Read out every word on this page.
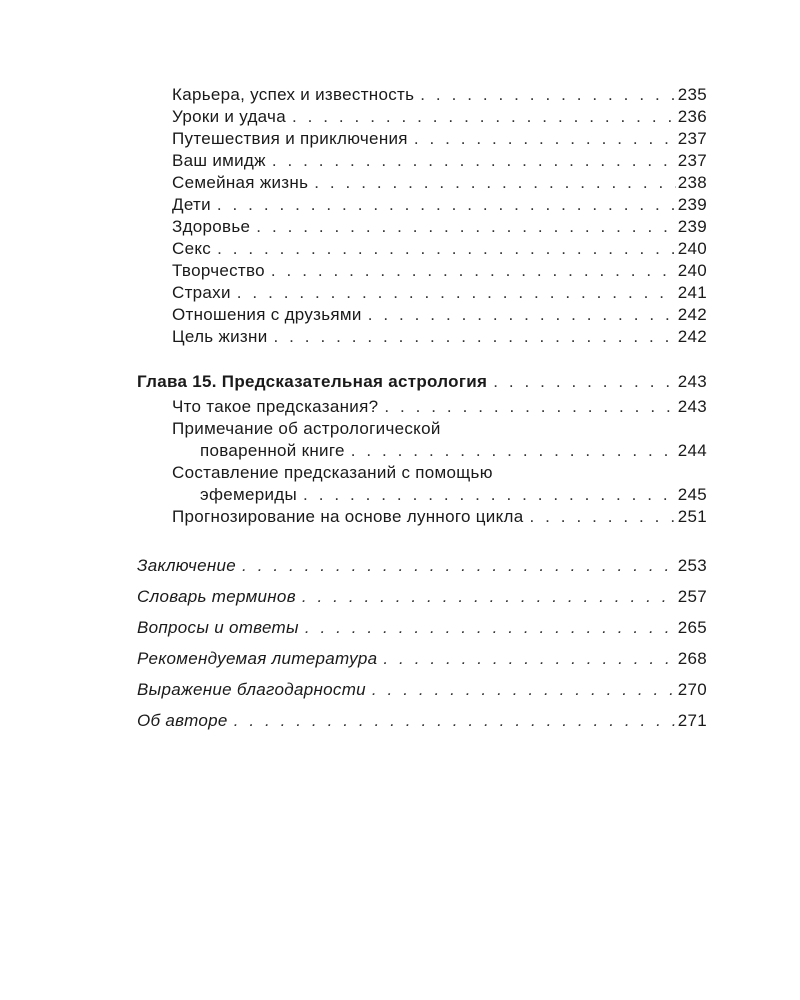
Карьера, успех и известность . . .	235
Уроки и удача . . .	236
Путешествия и приключения . . .	237
Ваш имидж . . .	237
Семейная жизнь . . .	238
Дети . . .	239
Здоровье . . .	239
Секс . . .	240
Творчество . . .	240
Страхи . . .	241
Отношения с друзьями . . .	242
Цель жизни . . .	242
Глава 15. Предсказательная астрология . . .	243
Что такое предсказания? . . .	243
Примечание об астрологической
поваренной книге . . .	244
Составление предсказаний с помощью
эфемериды . . .	245
Прогнозирование на основе лунного цикла . . .	251
Заключение . . .	253
Словарь терминов . . .	257
Вопросы и ответы . . .	265
Рекомендуемая литература . . .	268
Выражение благодарности . . .	270
Об авторе . . .	271
